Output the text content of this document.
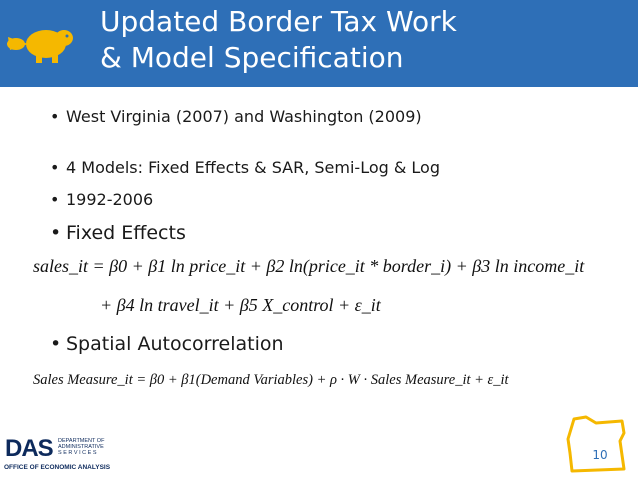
Updated Border Tax Work
& Model Specification
• West Virginia (2007) and Washington (2009)
• 4 Models: Fixed Effects & SAR, Semi-Log & Log
• 1992-2006
• Fixed Effects
sales_it = β0 + β1 ln price_it + β2 ln(price_it * border_i) + β3 ln income_it
+ β4 ln travel_it + β5 X_control + ε_it
• Spatial Autocorrelation
Sales Measure_it = β0 + β1(Demand Variables) + ρ · W · Sales Measure_it + ε_it
DAS DEPARTMENT OF
ADMINISTRATIVE
S E R V I C E S
OFFICE OF ECONOMIC ANALYSIS
10
